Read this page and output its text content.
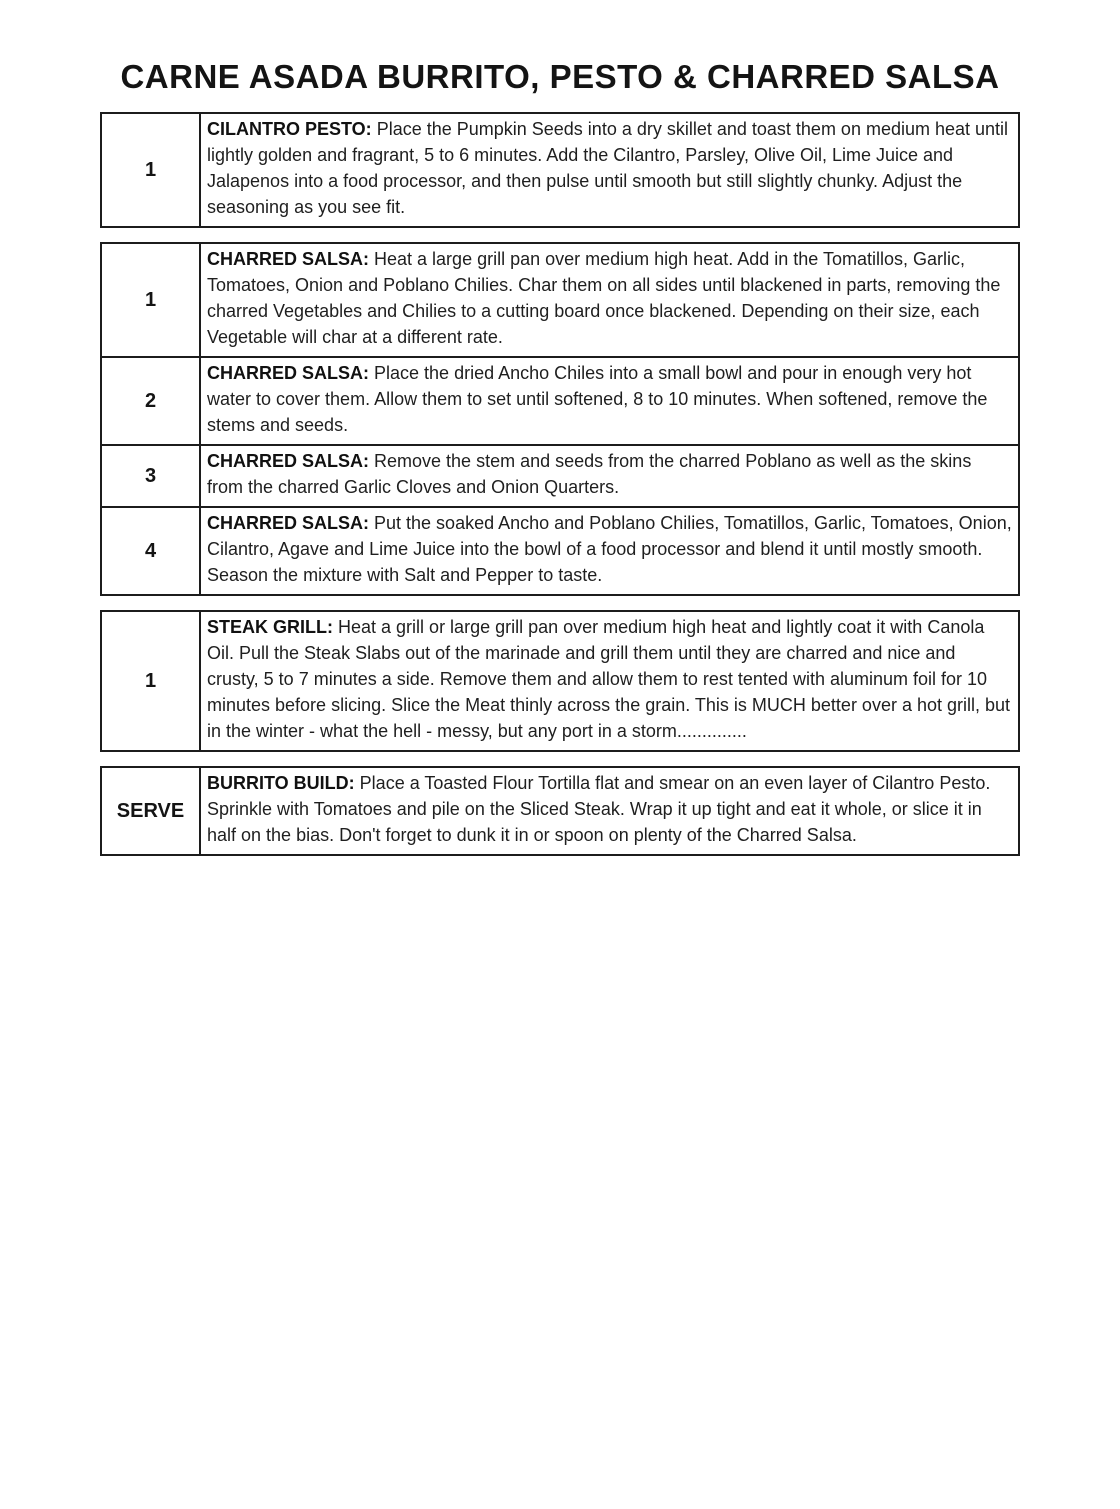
CARNE ASADA BURRITO, PESTO & CHARRED SALSA
1	CILANTRO PESTO: Place the Pumpkin Seeds into a dry skillet and toast them on medium heat until lightly golden and fragrant, 5 to 6 minutes. Add the Cilantro, Parsley, Olive Oil, Lime Juice and Jalapenos into a food processor, and then pulse until smooth but still slightly chunky. Adjust the seasoning as you see fit.
1	CHARRED SALSA: Heat a large grill pan over medium high heat. Add in the Tomatillos, Garlic, Tomatoes, Onion and Poblano Chilies. Char them on all sides until blackened in parts, removing the charred Vegetables and Chilies to a cutting board once blackened. Depending on their size, each Vegetable will char at a different rate.
2	CHARRED SALSA: Place the dried Ancho Chiles into a small bowl and pour in enough very hot water to cover them. Allow them to set until softened, 8 to 10 minutes. When softened, remove the stems and seeds.
3	CHARRED SALSA: Remove the stem and seeds from the charred Poblano as well as the skins from the charred Garlic Cloves and Onion Quarters.
4	CHARRED SALSA: Put the soaked Ancho and Poblano Chilies, Tomatillos, Garlic, Tomatoes, Onion, Cilantro, Agave and Lime Juice into the bowl of a food processor and blend it until mostly smooth. Season the mixture with Salt and Pepper to taste.
1	STEAK GRILL: Heat a grill or large grill pan over medium high heat and lightly coat it with Canola Oil. Pull the Steak Slabs out of the marinade and grill them until they are charred and nice and crusty, 5 to 7 minutes a side. Remove them and allow them to rest tented with aluminum foil for 10 minutes before slicing. Slice the Meat thinly across the grain. This is MUCH better over a hot grill, but in the winter - what the hell - messy, but any port in a storm..............
SERVE	BURRITO BUILD: Place a Toasted Flour Tortilla flat and smear on an even layer of Cilantro Pesto. Sprinkle with Tomatoes and pile on the Sliced Steak. Wrap it up tight and eat it whole, or slice it in half on the bias. Don't forget to dunk it in or spoon on plenty of the Charred Salsa.
